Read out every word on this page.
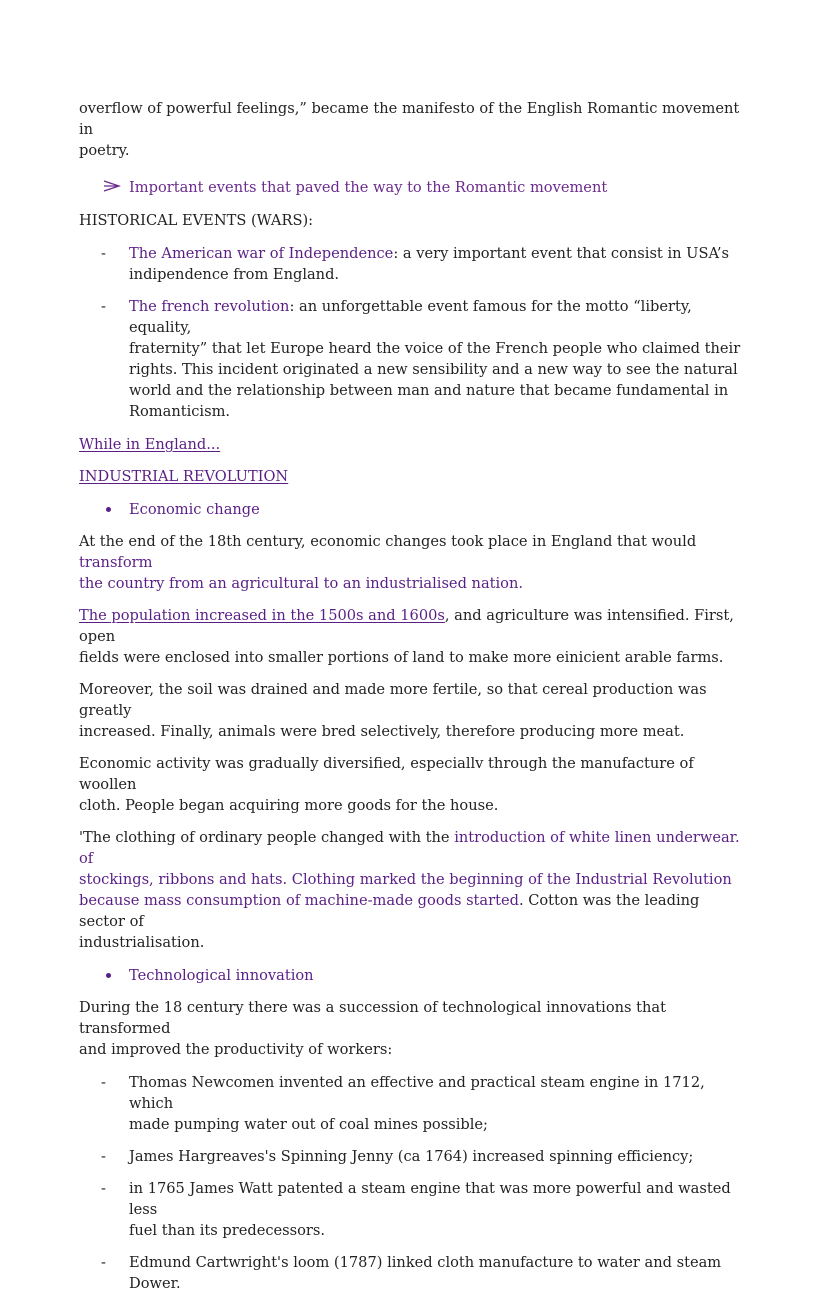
overflow of powerful feelings,” became the manifesto of the English Romantic movement in

poetry.

Important events that paved the way to the Romantic movement

HISTORICAL EVENTS (WARS):

- The American war of Independence: a very important event that consist in USA’s
indipendence from England.
- The french revolution: an unforgettable event famous for the motto “liberty, equality,
fraternity” that let Europe heard the voice of the French people who claimed their
rights. This incident originated a new sensibility and a new way to see the natural
world and the relationship between man and nature that became fundamental in
Romanticism.

While in England...

INDUSTRIAL REVOLUTION

Economic change

At the end of the 18th century, economic changes took place in England that would transform

the country from an agricultural to an industrialised nation.

The population increased in the 1500s and 1600s, and agriculture was intensified. First, open

fields were enclosed into smaller portions of land to make more einicient arable farms.

Moreover, the soil was drained and made more fertile, so that cereal production was greatly

increased. Finally, animals were bred selectively, therefore producing more meat.

Economic activity was gradually diversified, especiallv through the manufacture of woollen

cloth. People began acquiring more goods for the house.

'The clothing of ordinary people changed with the introduction of white linen underwear. of

stockings, ribbons and hats. Clothing marked the beginning of the Industrial Revolution

because mass consumption of machine-made goods started. Cotton was the leading sector of

industrialisation.

Technological innovation

During the 18 century there was a succession of technological innovations that transformed

and improved the productivity of workers:

- Thomas Newcomen invented an effective and practical steam engine in 1712, which
made pumping water out of coal mines possible;
- James Hargreaves's Spinning Jenny (ca 1764) increased spinning efficiency;
- in 1765 James Watt patented a steam engine that was more powerful and wasted less
fuel than its predecessors.
- Edmund Cartwright's loom (1787) linked cloth manufacture to water and steam
Dower.
